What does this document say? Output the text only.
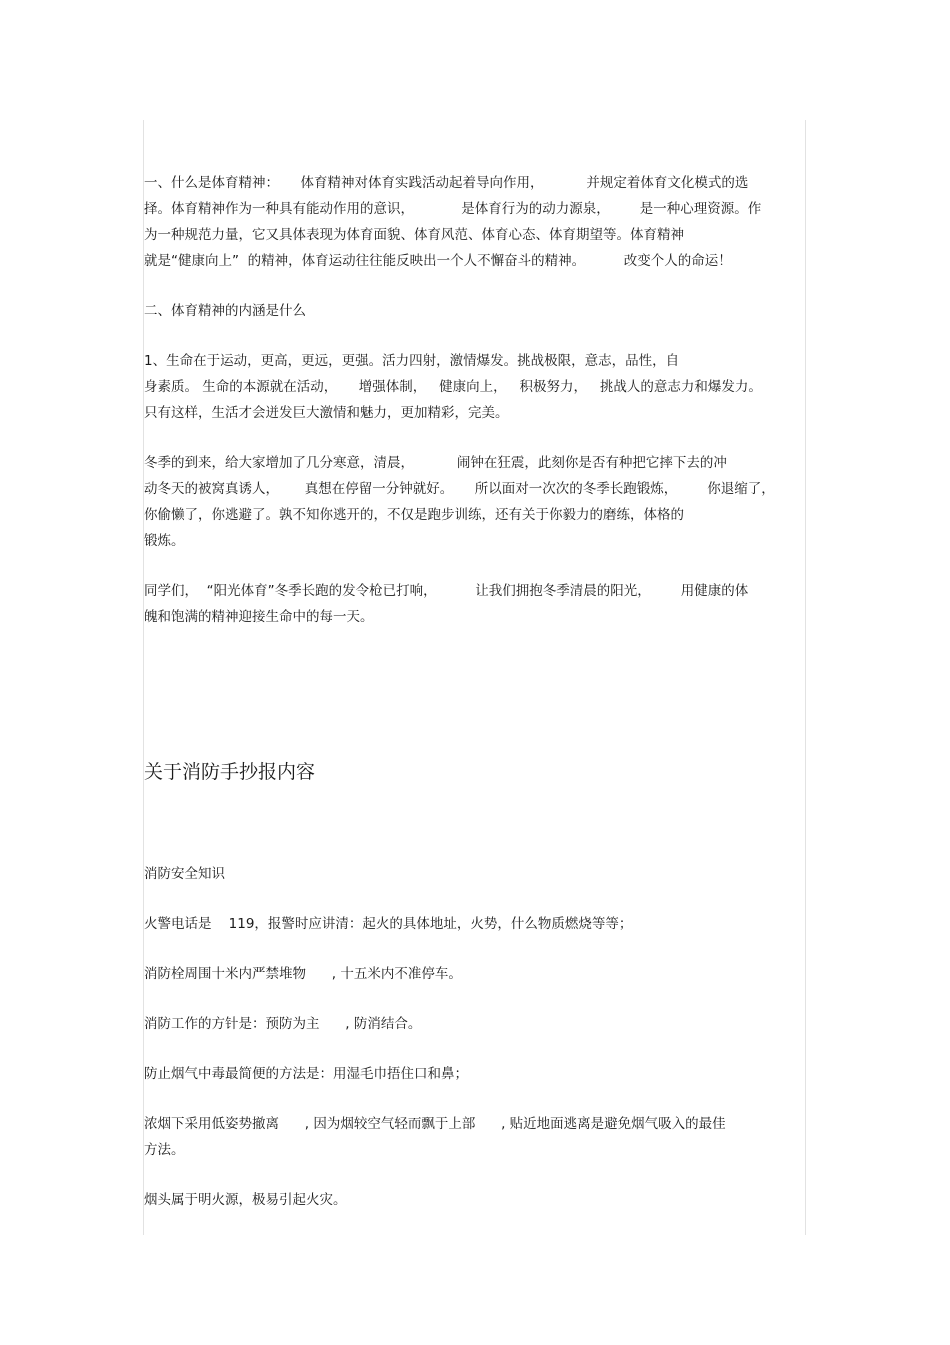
一、什么是体育精神：     体育精神对体育实践活动起着导向作用，          并规定着体育文化模式的选
择。体育精神作为一种具有能动作用的意识，           是体育行为的动力源泉，       是一种心理资源。作
为一种规范力量，它又具体表现为体育面貌、体育风范、体育心态、体育期望等。体育精神
就是“健康向上”  的精神，体育运动往往能反映出一个人不懈奋斗的精神。         改变个人的命运！
二、体育精神的内涵是什么
1、生命在于运动，更高，更远，更强。活力四射，激情爆发。挑战极限，意志，品性，自
身素质。 生命的本源就在活动，     增强体制，   健康向上，   积极努力，   挑战人的意志力和爆发力。
只有这样，生活才会迸发巨大激情和魅力，更加精彩，完美。
冬季的到来，给大家增加了几分寒意，清晨，          闹钟在狂震，此刻你是否有种把它摔下去的冲
动冬天的被窝真诱人，      真想在停留一分钟就好。     所以面对一次次的冬季长跑锻炼，       你退缩了，
你偷懒了，你逃避了。孰不知你逃开的，不仅是跑步训练，还有关于你毅力的磨练，体格的
锻炼。
同学们，  “阳光体育”冬季长跑的发令枪已打响，         让我们拥抱冬季清晨的阳光，       用健康的体
魄和饱满的精神迎接生命中的每一天。
关于消防手抄报内容
消防安全知识
火警电话是    119，报警时应讲清：起火的具体地址，火势，什么物质燃烧等等；
消防栓周围十米内严禁堆物      , 十五米内不准停车。
消防工作的方针是：预防为主      , 防消结合。
防止烟气中毒最简便的方法是：用湿毛巾捂住口和鼻；
浓烟下采用低姿势撤离      , 因为烟较空气轻而飘于上部      , 贴近地面逃离是避免烟气吸入的最佳
方法。
烟头属于明火源，极易引起火灾。
